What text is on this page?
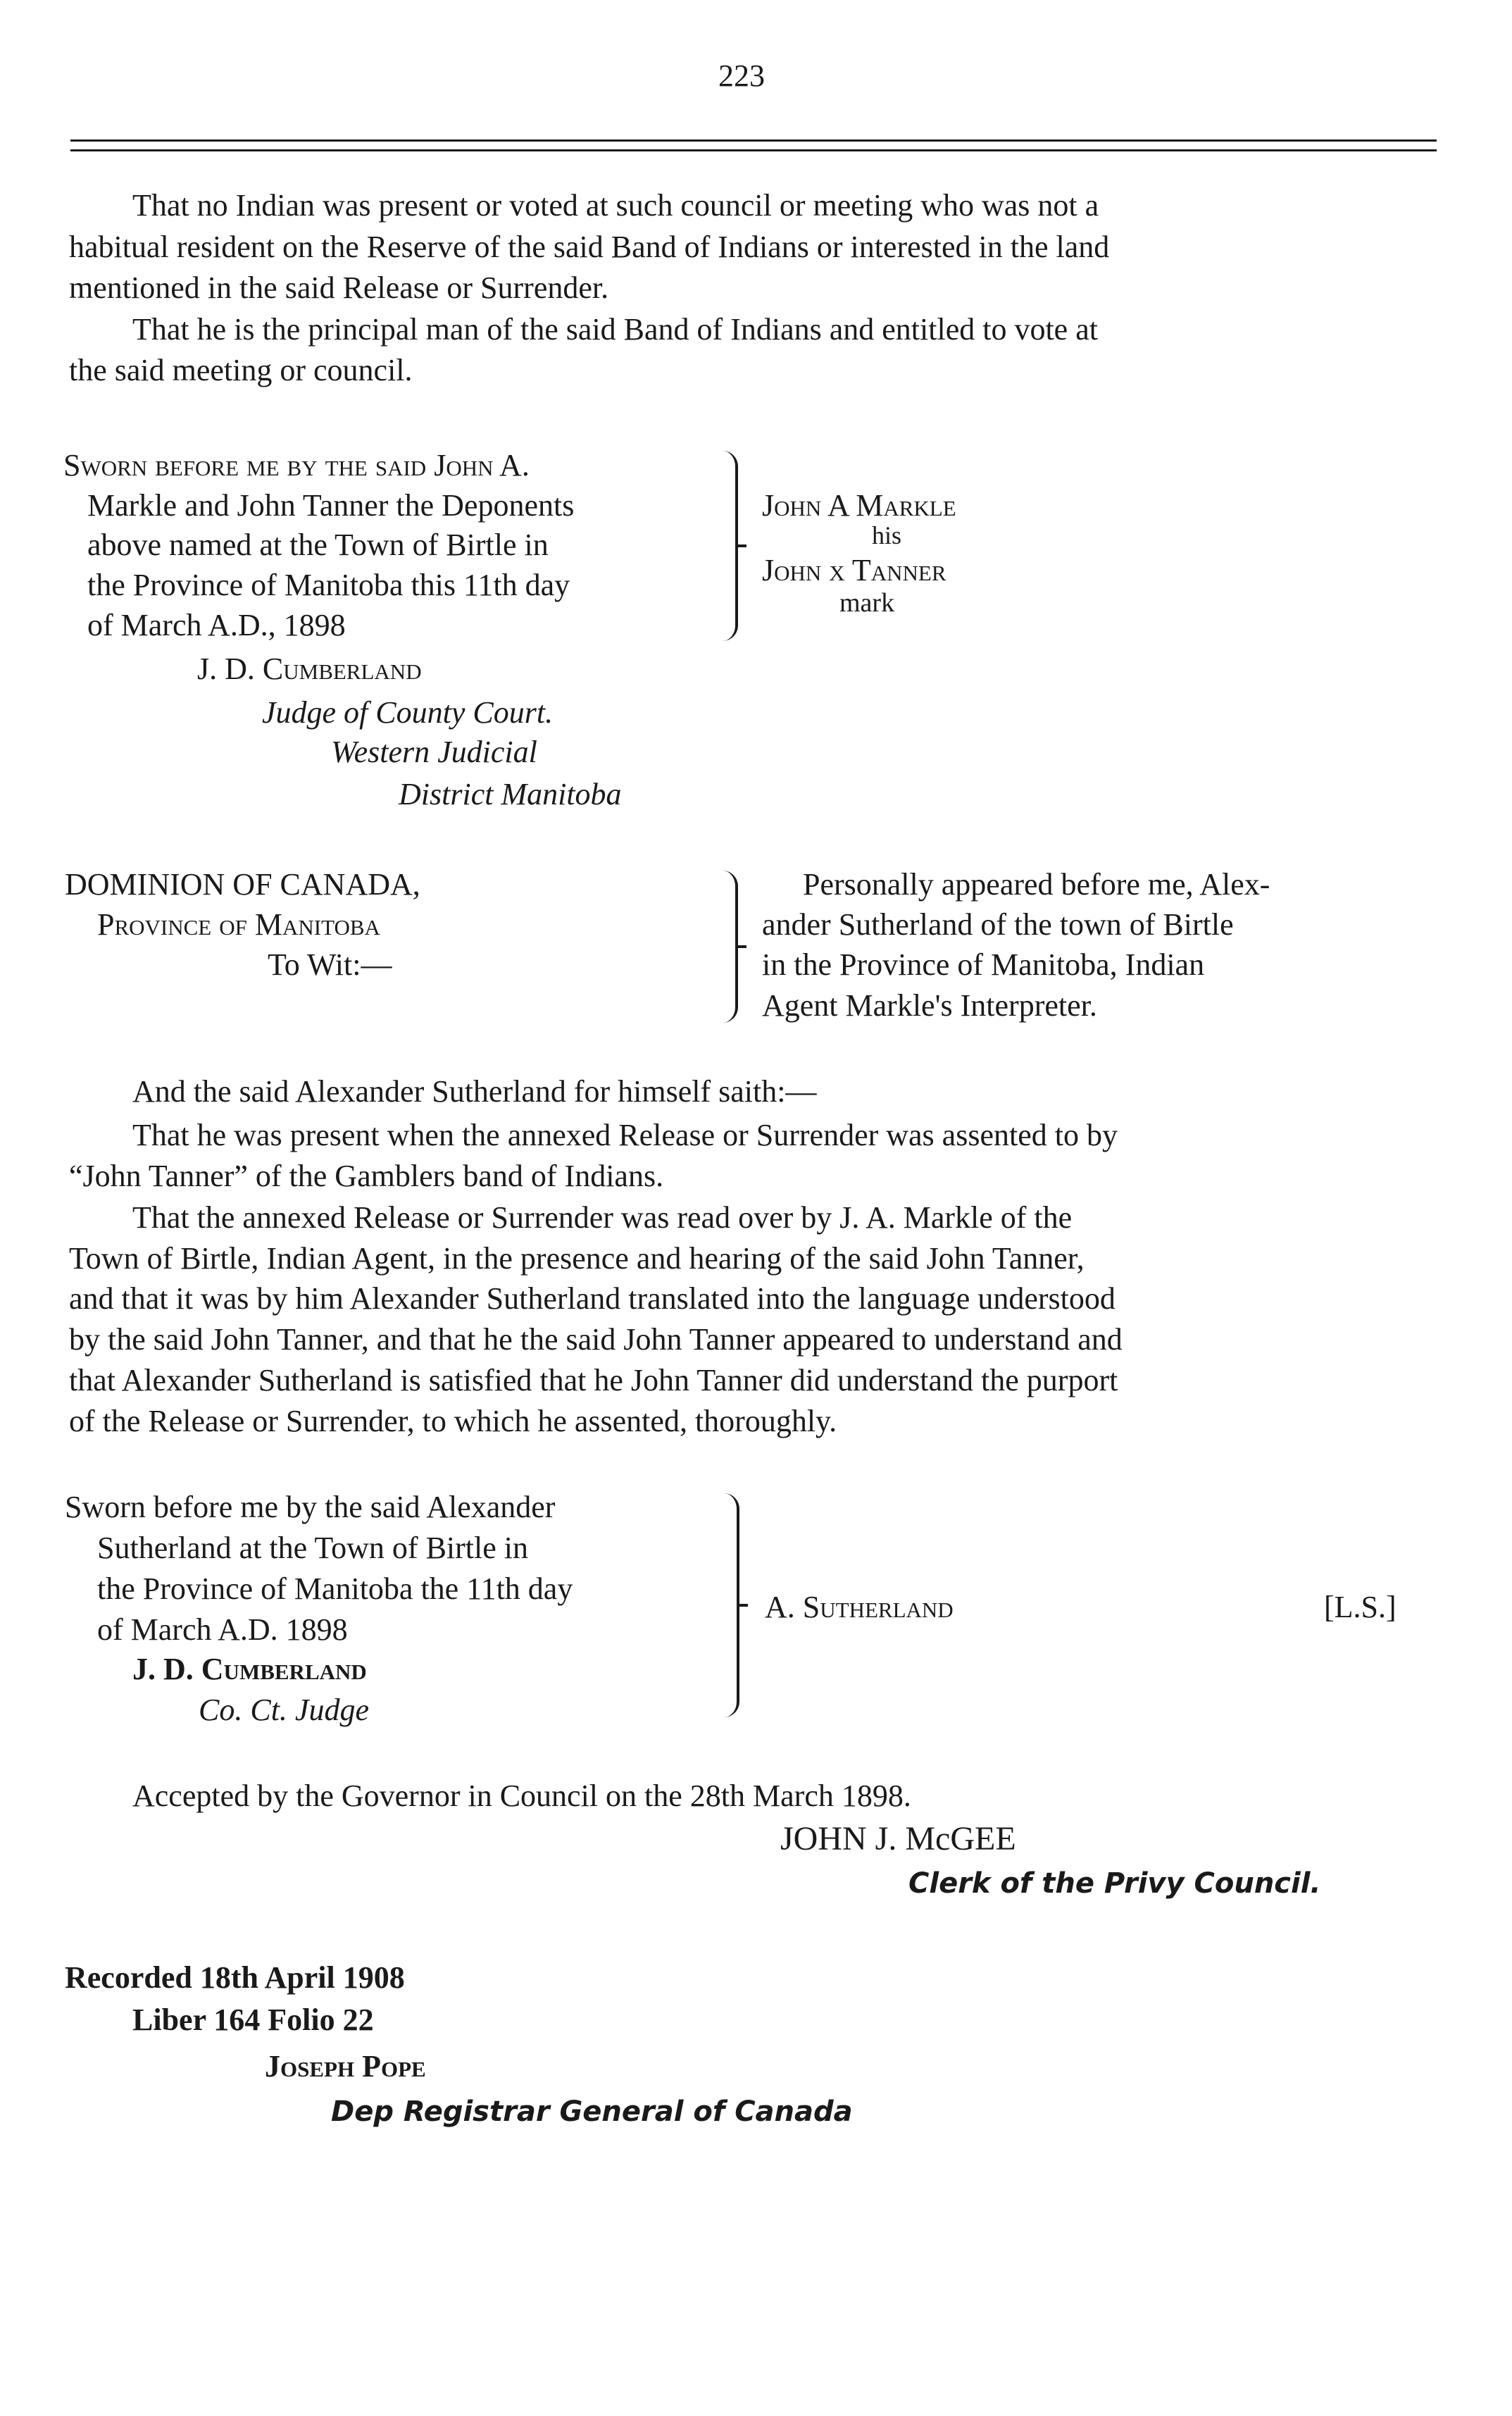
223
That no Indian was present or voted at such council or meeting who was not a
habitual resident on the Reserve of the said Band of Indians or interested in the land
mentioned in the said Release or Surrender.
That he is the principal man of the said Band of Indians and entitled to vote at
the said meeting or council.
Sworn before me by the said John A.
Markle and John Tanner the Deponents
above named at the Town of Birtle in
the Province of Manitoba this 11th day
of March A.D., 1898
J. D. Cumberland
Judge of County Court.
Western Judicial
District Manitoba
John A Markle
his
John x Tanner
mark
DOMINION OF CANADA,
Province of Manitoba
To Wit:—
Personally appeared before me, Alex-
ander Sutherland of the town of Birtle
in the Province of Manitoba, Indian
Agent Markle's Interpreter.
And the said Alexander Sutherland for himself saith:—
That he was present when the annexed Release or Surrender was assented to by
“John Tanner” of the Gamblers band of Indians.
That the annexed Release or Surrender was read over by J. A. Markle of the
Town of Birtle, Indian Agent, in the presence and hearing of the said John Tanner,
and that it was by him Alexander Sutherland translated into the language understood
by the said John Tanner, and that he the said John Tanner appeared to understand and
that Alexander Sutherland is satisfied that he John Tanner did understand the purport
of the Release or Surrender, to which he assented, thoroughly.
Sworn before me by the said Alexander
Sutherland at the Town of Birtle in
the Province of Manitoba the 11th day
of March A.D. 1898
J. D. Cumberland
Co. Ct. Judge
A. Sutherland	[L.S.]
Accepted by the Governor in Council on the 28th March 1898.
JOHN J. McGEE
Clerk of the Privy Council.
Recorded 18th April 1908
Liber 164 Folio 22
Joseph Pope
Dep Registrar General of Canada
